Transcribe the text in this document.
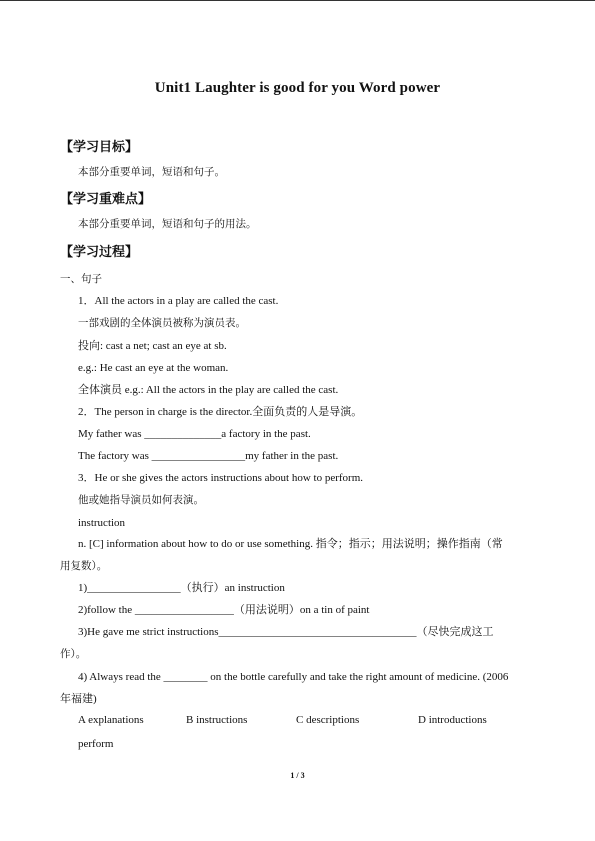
Unit1 Laughter is good for you Word power
【学习目标】
本部分重要单词，短语和句子。
【学习重难点】
本部分重要单词，短语和句子的用法。
【学习过程】
一、句子
1．All the actors in a play are called the cast.
一部戏剧的全体演员被称为演员表。
投向: cast a net; cast an eye at sb.
e.g.: He cast an eye at the woman.
全体演员 e.g.: All the actors in the play are called the cast.
2．The person in charge is the director.全面负责的人是导演。
My father was ______________a factory in the past.
The factory was _________________my father in the past.
3．He or she gives the actors instructions about how to perform.
他或她指导演员如何表演。
instruction
n. [C] information about how to do or use something. 指令；指示；用法说明；操作指南（常
用复数）。
1)_________________（执行）an instruction
2)follow the __________________（用法说明）on a tin of paint
3)He gave me strict instructions____________________________________（尽快完成这工
作）。
4) Always read the ________ on the bottle carefully and take the right amount of medicine. (2006
年福建)
A explanations	B instructions	C descriptions	D introductions
perform
1 / 3
